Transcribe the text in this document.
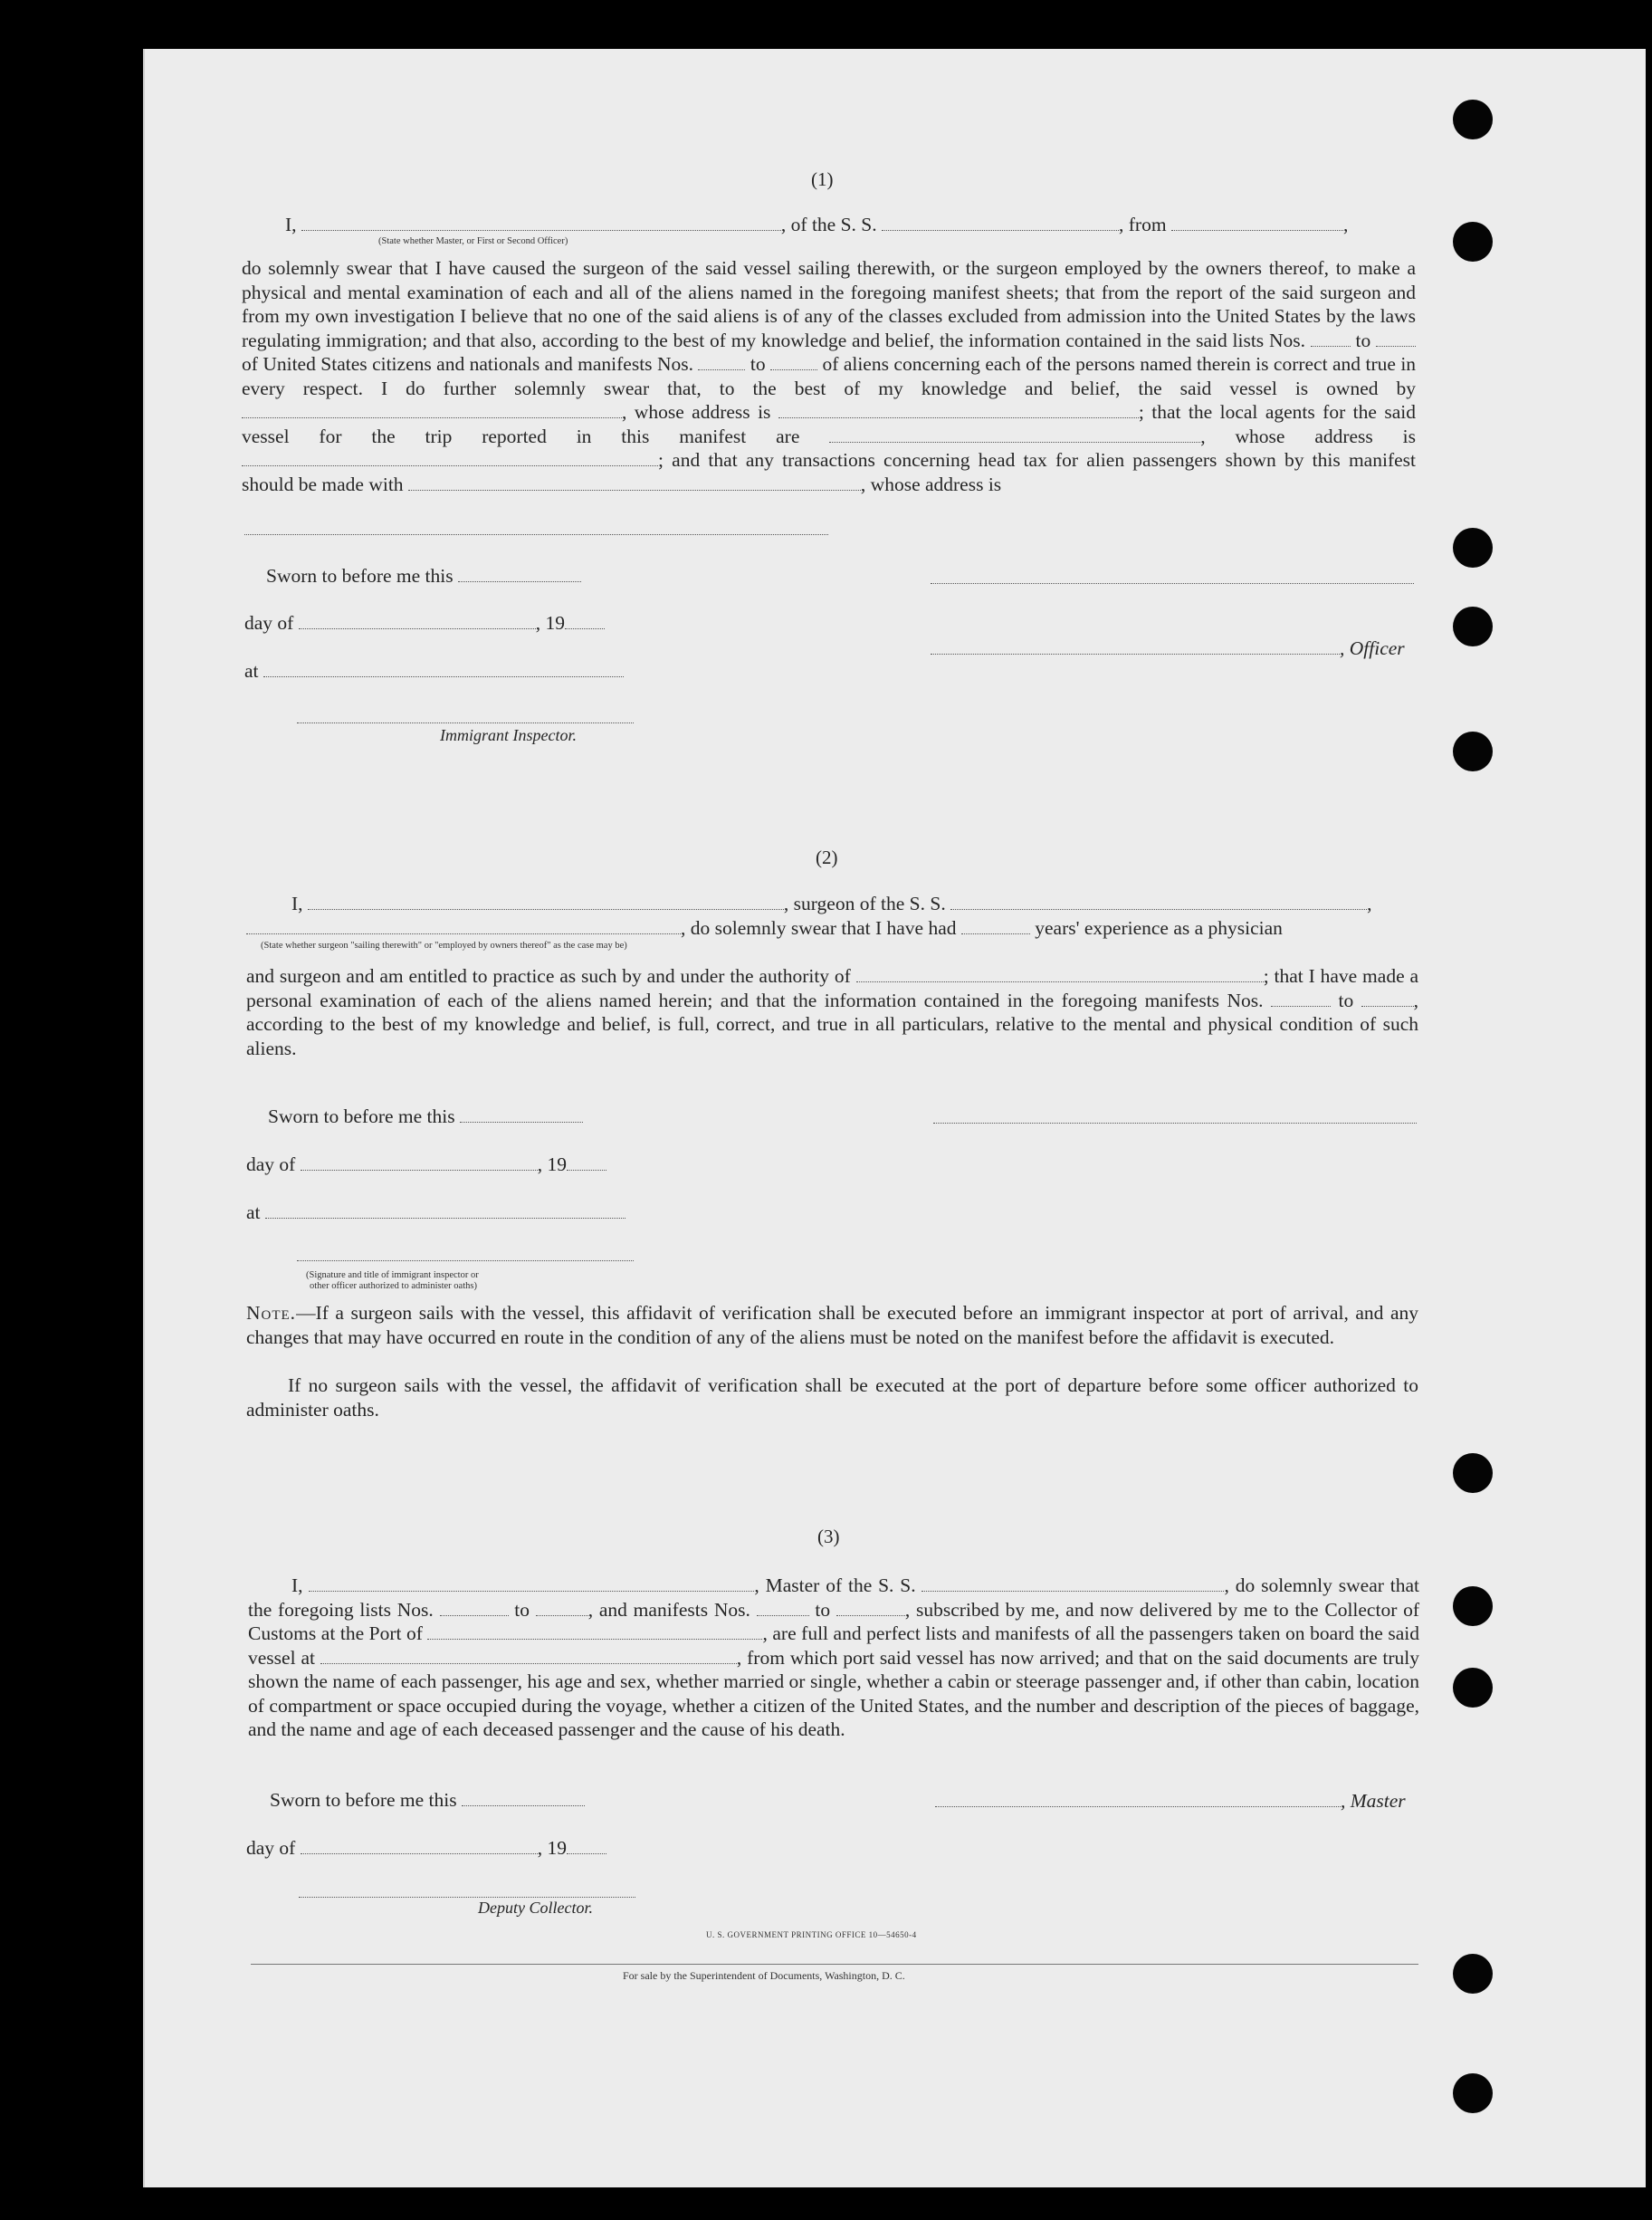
(1)
I,	, of the S. S.	, from	,
(State whether Master, or First or Second Officer)

do solemnly swear that I have caused the surgeon of the said vessel sailing therewith, or the surgeon employed by the owners thereof, to make a physical and mental examination of each and all of the aliens named in the foregoing manifest sheets; that from the report of the said surgeon and from my own investigation I believe that no one of the said aliens is of any of the classes excluded from admission into the United States by the laws regulating immigration; and that also, according to the best of my knowledge and belief, the information contained in the said lists Nos.	to  of United States citizens and nationals and manifests Nos.	to	of aliens concerning each of the persons named therein is correct and true in every respect. I do further solemnly swear that, to the best of my knowledge and belief, the said vessel is owned by , whose address is	; that the local agents for the said vessel for the trip reported in this manifest are	, whose address is ; and that any transactions concerning head tax for alien passengers shown by this manifest should be made with	, whose address is

Sworn to before me this
day of	, 19
, Officer
at
Immigrant Inspector.
(2)
I,	, surgeon of the S. S.	,
, do solemnly swear that I have had	years' experience as a physician
(State whether surgeon "sailing therewith" or "employed by owners thereof" as the case may be)

and surgeon and am entitled to practice as such by and under the authority of	; that I have made a personal examination of each of the aliens named herein; and that the information contained in the foregoing manifests Nos.	to	, according to the best of my knowledge and belief, is full, correct, and true in all particulars, relative to the mental and physical condition of such aliens.

Sworn to before me this
day of	, 19
at
(Signature and title of immigrant inspector or
other officer authorized to administer oaths)

Note.—If a surgeon sails with the vessel, this affidavit of verification shall be executed before an immigrant inspector at port of arrival, and any changes that may have occurred en route in the condition of any of the aliens must be noted on the manifest before the affidavit is executed.

If no surgeon sails with the vessel, the affidavit of verification shall be executed at the port of departure before some officer authorized to administer oaths.

(3)

I,	, Master of the S. S.	, do solemnly swear that the foregoing lists Nos.	to	, and manifests Nos.	to	, subscribed by me, and now delivered by me to the Collector of Customs at the Port of	, are full and perfect lists and manifests of all the passengers taken on board the said vessel at	, from which port said vessel has now arrived; and that on the said documents are truly shown the name of each passenger, his age and sex, whether married or single, whether a cabin or steerage passenger and, if other than cabin, location of compartment or space occupied during the voyage, whether a citizen of the United States, and the number and description of the pieces of baggage, and the name and age of each deceased passenger and the cause of his death.

Sworn to before me this	, Master
day of	, 19
Deputy Collector.
U. S. GOVERNMENT PRINTING OFFICE 10—54650-4
For sale by the Superintendent of Documents, Washington, D. C.
